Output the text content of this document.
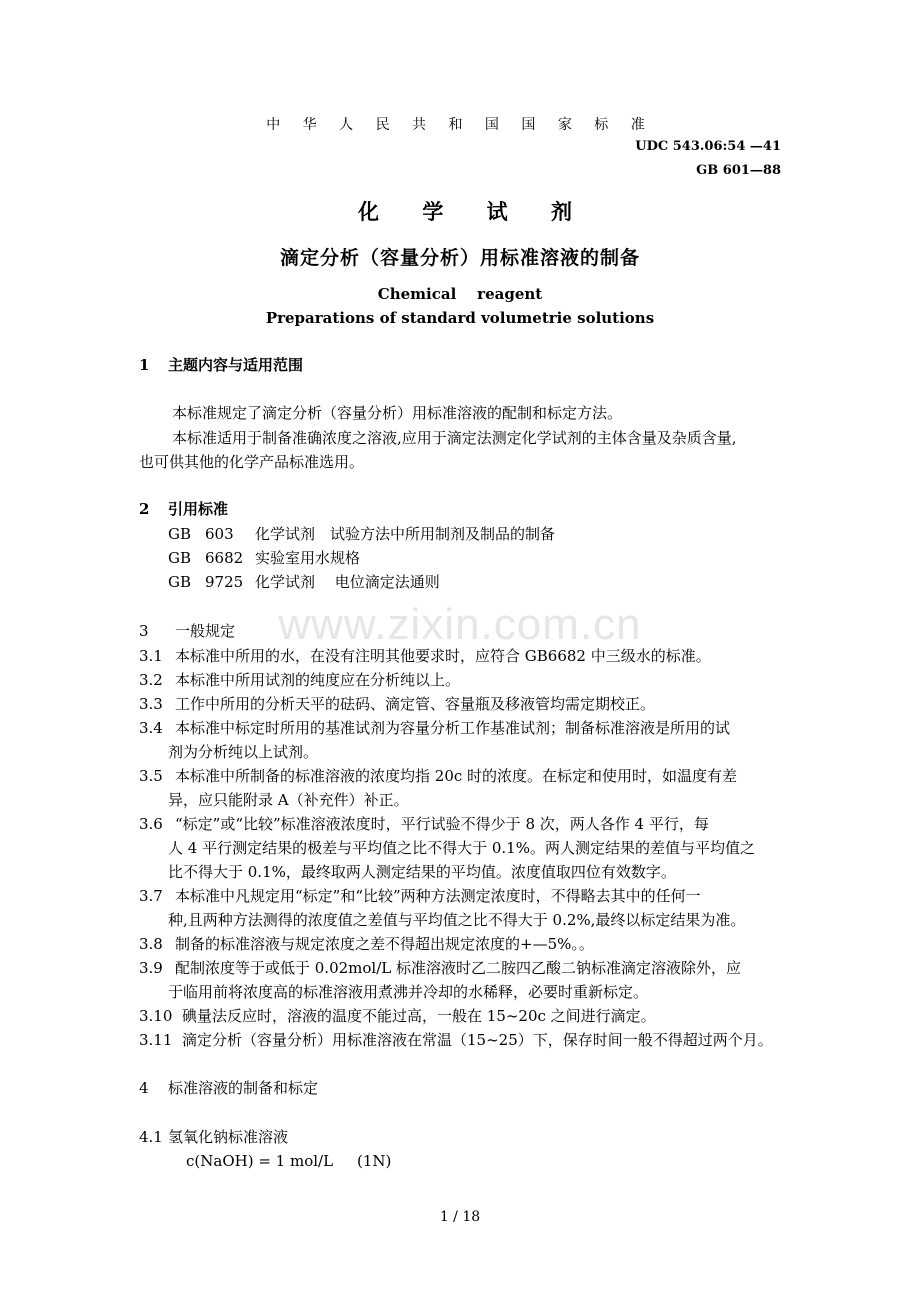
www.zixin.com.cn
中 华 人 民 共 和 国 国 家 标 准
UDC 543.06:54 —41
GB 601—88
化 学 试 剂
滴定分析（容量分析）用标准溶液的制备
Chemical    reagent
Preparations of standard volumetrie solutions
1 主题内容与适用范围
本标准规定了滴定分析（容量分析）用标准溶液的配制和标定方法。
本标准适用于制备准确浓度之溶液,应用于滴定法测定化学试剂的主体含量及杂质含量,
也可供其他的化学产品标准选用。
2 引用标准
GB 603 化学试剂　试验方法中所用制剂及制品的制备
GB 6682 实验室用水规格
GB 9725 化学试剂　 电位滴定法通则
3 一般规定
3.1 本标准中所用的水，在没有注明其他要求时，应符合 GB6682 中三级水的标准。
3.2 本标准中所用试剂的纯度应在分析纯以上。
3.3 工作中所用的分析天平的砝码、滴定管、容量瓶及移液管均需定期校正。
3.4 本标准中标定时所用的基准试剂为容量分析工作基准试剂；制备标准溶液是所用的试
剂为分析纯以上试剂。
3.5 本标准中所制备的标准溶液的浓度均指 20c 时的浓度。在标定和使用时，如温度有差
异，应只能附录 A（补充件）补正。
3.6 “标定”或“比较”标准溶液浓度时，平行试验不得少于 8 次，两人各作 4 平行，每
人 4 平行测定结果的极差与平均值之比不得大于 0.1%。两人测定结果的差值与平均值之
比不得大于 0.1%，最终取两人测定结果的平均值。浓度值取四位有效数字。
3.7 本标准中凡规定用“标定”和“比较”两种方法测定浓度时，不得略去其中的任何一
种,且两种方法测得的浓度值之差值与平均值之比不得大于 0.2%,最终以标定结果为准。
3.8 制备的标准溶液与规定浓度之差不得超出规定浓度的+—5%。。
3.9 配制浓度等于或低于 0.02mol/L 标准溶液时乙二胺四乙酸二钠标准滴定溶液除外，应
于临用前将浓度高的标准溶液用煮沸并冷却的水稀释，必要时重新标定。
3.10 碘量法反应时，溶液的温度不能过高，一般在 15~20c 之间进行滴定。
3.11 滴定分析（容量分析）用标准溶液在常温（15~25）下，保存时间一般不得超过两个月。
4 标准溶液的制备和标定
4.1 氢氧化钠标准溶液
c(NaOH) = 1 mol/L (1N)
1 / 18
